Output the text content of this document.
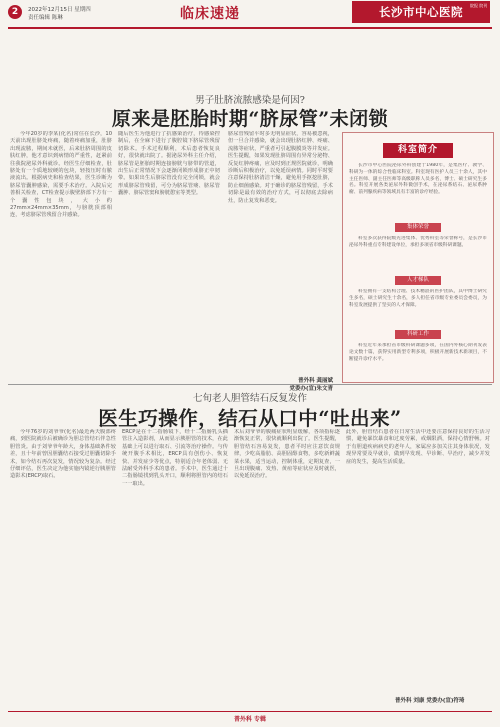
2	2022年12月15日 星期四
责任编辑 陈琳	临床速递	长沙市中心医院	院报 院刊
男子肚脐流脓感染是何因?
原来是胚胎时期“脐尿管”未闭锁
今年20岁的李某(化名)常住在长沙，10天前出现肚脐处疼痛，随着疼痛加重，肚脐出现流脓，期间未就医，后来肚脐周围的皮肤红肿，他才意识到病情的严重性，赶紧前往我院泌尿外科就诊。经医生仔细检查，肚脐处有一个质地较硬的包块，轻按压时有脓液流出。根据病史和检查结果，医生诊断为脐尿管囊肿感染，需要手术治疗。入院后完善相关检查，CT检查提示腹壁脐部下方有一个囊性包块，大小约27mm×24mm×35mm，与膀胱顶部相连，考虑脐尿管残留合并感染。
随后医生为他进行了抗感染治疗，待感染控制后，在全麻下进行了腹腔镜下脐尿管残留切除术。手术过程顺利，术后患者恢复良好，很快就出院了。据泌尿外科主任介绍，脐尿管是胚胎时期连接膀胱与脐带的管道，出生后正常情况下会逐渐闭锁形成脐正中韧带。如果出生后脐尿管没有完全闭锁，就会形成脐尿管残留，可分为脐尿管瘘、脐尿管囊肿、脐尿管窦和膀胱憩室等类型。
脐尿管残留平时多无明显症状，容易被忽视，但一旦合并感染，就会出现肚脐红肿、疼痛、流脓等症状，严重者可引起腹膜炎等并发症。医生提醒，如果发现肚脐周围有异常分泌物、反复红肿疼痛，应及时到正规医院就诊，明确诊断后积极治疗，以免延误病情。同时平时要注意保持肚脐清洁干燥，避免用手抠挖肚脐，防止细菌感染。对于确诊的脐尿管残留，手术切除是最有效的治疗方式，可以彻底去除病灶，防止复发和恶变。
普外科 龚丽斌
党委办(宣)朱文青
科室简介
长沙市中心医院泌尿外科创建于1980年，是集医疗、教学、科研为一体的综合性临床科室。科室现有医护人员三十余人，其中主任医师、副主任医师等高级职称人员多名，博士、硕士研究生多名。科室开展各类泌尿外科微创手术，在泌尿系结石、泌尿系肿瘤、前列腺疾病等领域具有丰富的诊疗经验。
集体荣誉
科室多次获得院级先进集体、优秀科室等荣誉称号，是长沙市泌尿外科重点专科建设单位，承担多项省市级科研课题。
人才梯队
科室拥有一支结构合理、技术精湛的医护团队，其中博士研究生多名，硕士研究生十余名，多人担任省市级专业委员会委员，为科室发展提供了坚实的人才保障。
科研工作
科室近年来承担省市级科研课题多项，在国内外核心期刊发表论文数十篇，获得实用新型专利多项，积极开展新技术新项目，不断提升诊疗水平。
七旬老人胆管结石反复发作
医生巧操作，结石从口中“吐出来”
今年76岁的刘爷爷(化名)最近两天腹部疼痛，到医院就诊后被确诊为胆总管结石伴急性胆管炎。由于刘爷爷年龄大，身体基础条件较差，且十年前曾因胆囊结石接受过胆囊切除手术，如今结石再次复发，情况较为复杂。经过仔细评估，医生决定为他实施内镜逆行胰胆管造影术(ERCP)取石。
ERCP是在十二指肠镜下，经十二指肠乳头插管注入造影剂，从而显示胰胆管的技术，在此基础上可以进行取石、引流等治疗操作。与传统开腹手术相比，ERCP具有创伤小、恢复快、并发症少等优点，特别适合年老体弱、无法耐受外科手术的患者。手术中，医生通过十二指肠镜找到乳头开口，顺利将胆管内的结石一一取出。
术后刘爷爷的腹痛症状明显缓解，各项指标逐渐恢复正常，很快就顺利出院了。医生提醒，胆管结石容易复发，患者平时应注意饮食规律，少吃高脂肪、高胆固醇食物，多吃新鲜蔬菜水果，适当运动，控制体重，定期复查，一旦出现腹痛、发热、黄疸等症状应及时就医，以免延误治疗。
此外，胆管结石患者在日常生活中还要注意保持良好的生活习惯，避免暴饮暴食和过度劳累，戒烟限酒，保持心情舒畅。对于有胆道疾病病史的老年人，家属应多加关注其身体状况，发现异常要及早就诊，做到早发现、早诊断、早治疗，减少并发症的发生，提高生活质量。
普外科 刘康 党委办(宣)符琦
普外科 专辑
